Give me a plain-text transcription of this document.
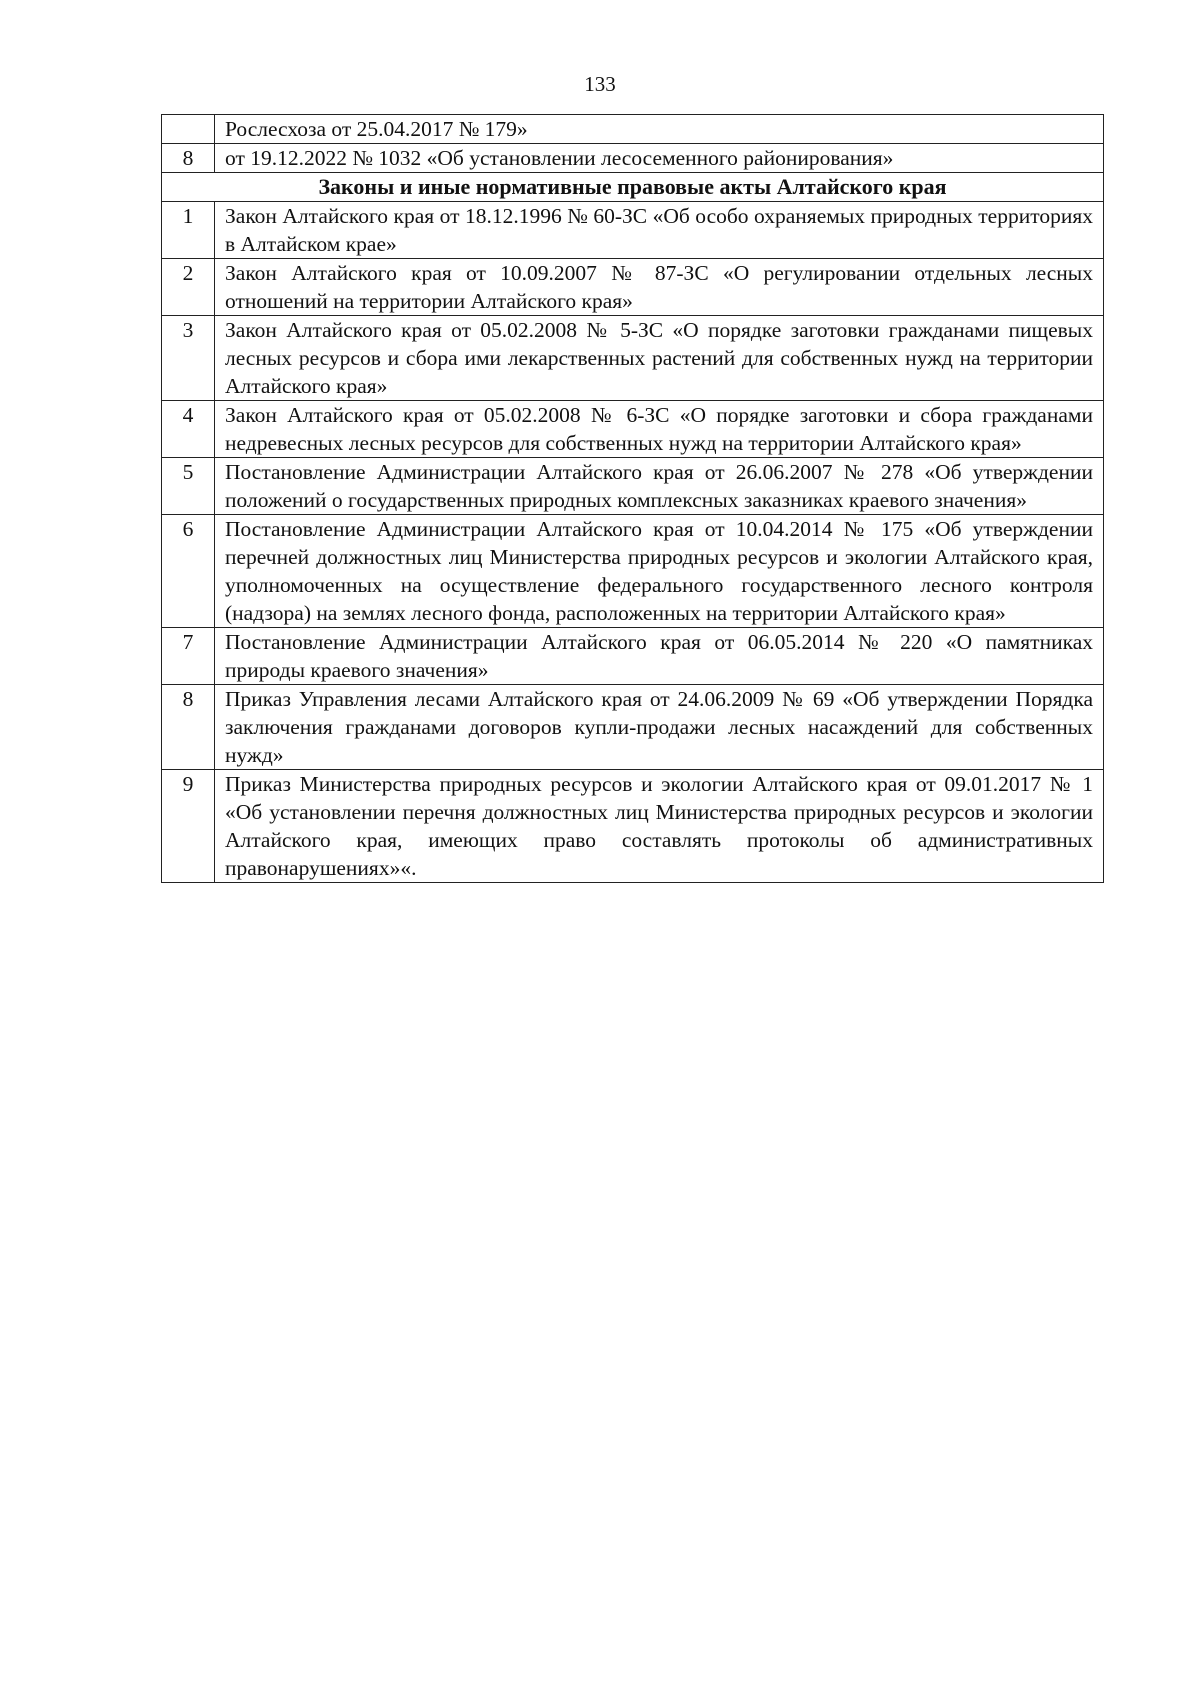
133
	Рослесхоза от 25.04.2017 № 179»
8	от 19.12.2022 № 1032 «Об установлении лесосеменного районирования»
Законы и иные нормативные правовые акты Алтайского края	
1	Закон Алтайского края от 18.12.1996 № 60-ЗС «Об особо охраняемых природных территориях в Алтайском крае»
2	Закон Алтайского края от 10.09.2007 № 87-ЗС «О регулировании отдельных лесных отношений на территории Алтайского края»
3	Закон Алтайского края от 05.02.2008 № 5-ЗС «О порядке заготовки гражданами пищевых лесных ресурсов и сбора ими лекарственных растений для собственных нужд на территории Алтайского края»
4	Закон Алтайского края от 05.02.2008 № 6-ЗС «О порядке заготовки и сбора гражданами недревесных лесных ресурсов для собственных нужд на территории Алтайского края»
5	Постановление Администрации Алтайского края от 26.06.2007 № 278 «Об утверждении положений о государственных природных комплексных заказниках краевого значения»
6	Постановление Администрации Алтайского края от 10.04.2014 № 175 «Об утверждении перечней должностных лиц Министерства природных ресурсов и экологии Алтайского края, уполномоченных на осуществление федерального государственного лесного контроля (надзора) на землях лесного фонда, расположенных на территории Алтайского края»
7	Постановление Администрации Алтайского края от 06.05.2014 № 220 «О памятниках природы краевого значения»
8	Приказ Управления лесами Алтайского края от 24.06.2009 № 69 «Об утверждении Порядка заключения гражданами договоров купли-продажи лесных насаждений для собственных нужд»
9	Приказ Министерства природных ресурсов и экологии Алтайского края от 09.01.2017 № 1 «Об установлении перечня должностных лиц Министерства природных ресурсов и экологии Алтайского края, имеющих право составлять протоколы об административных правонарушениях»«.
